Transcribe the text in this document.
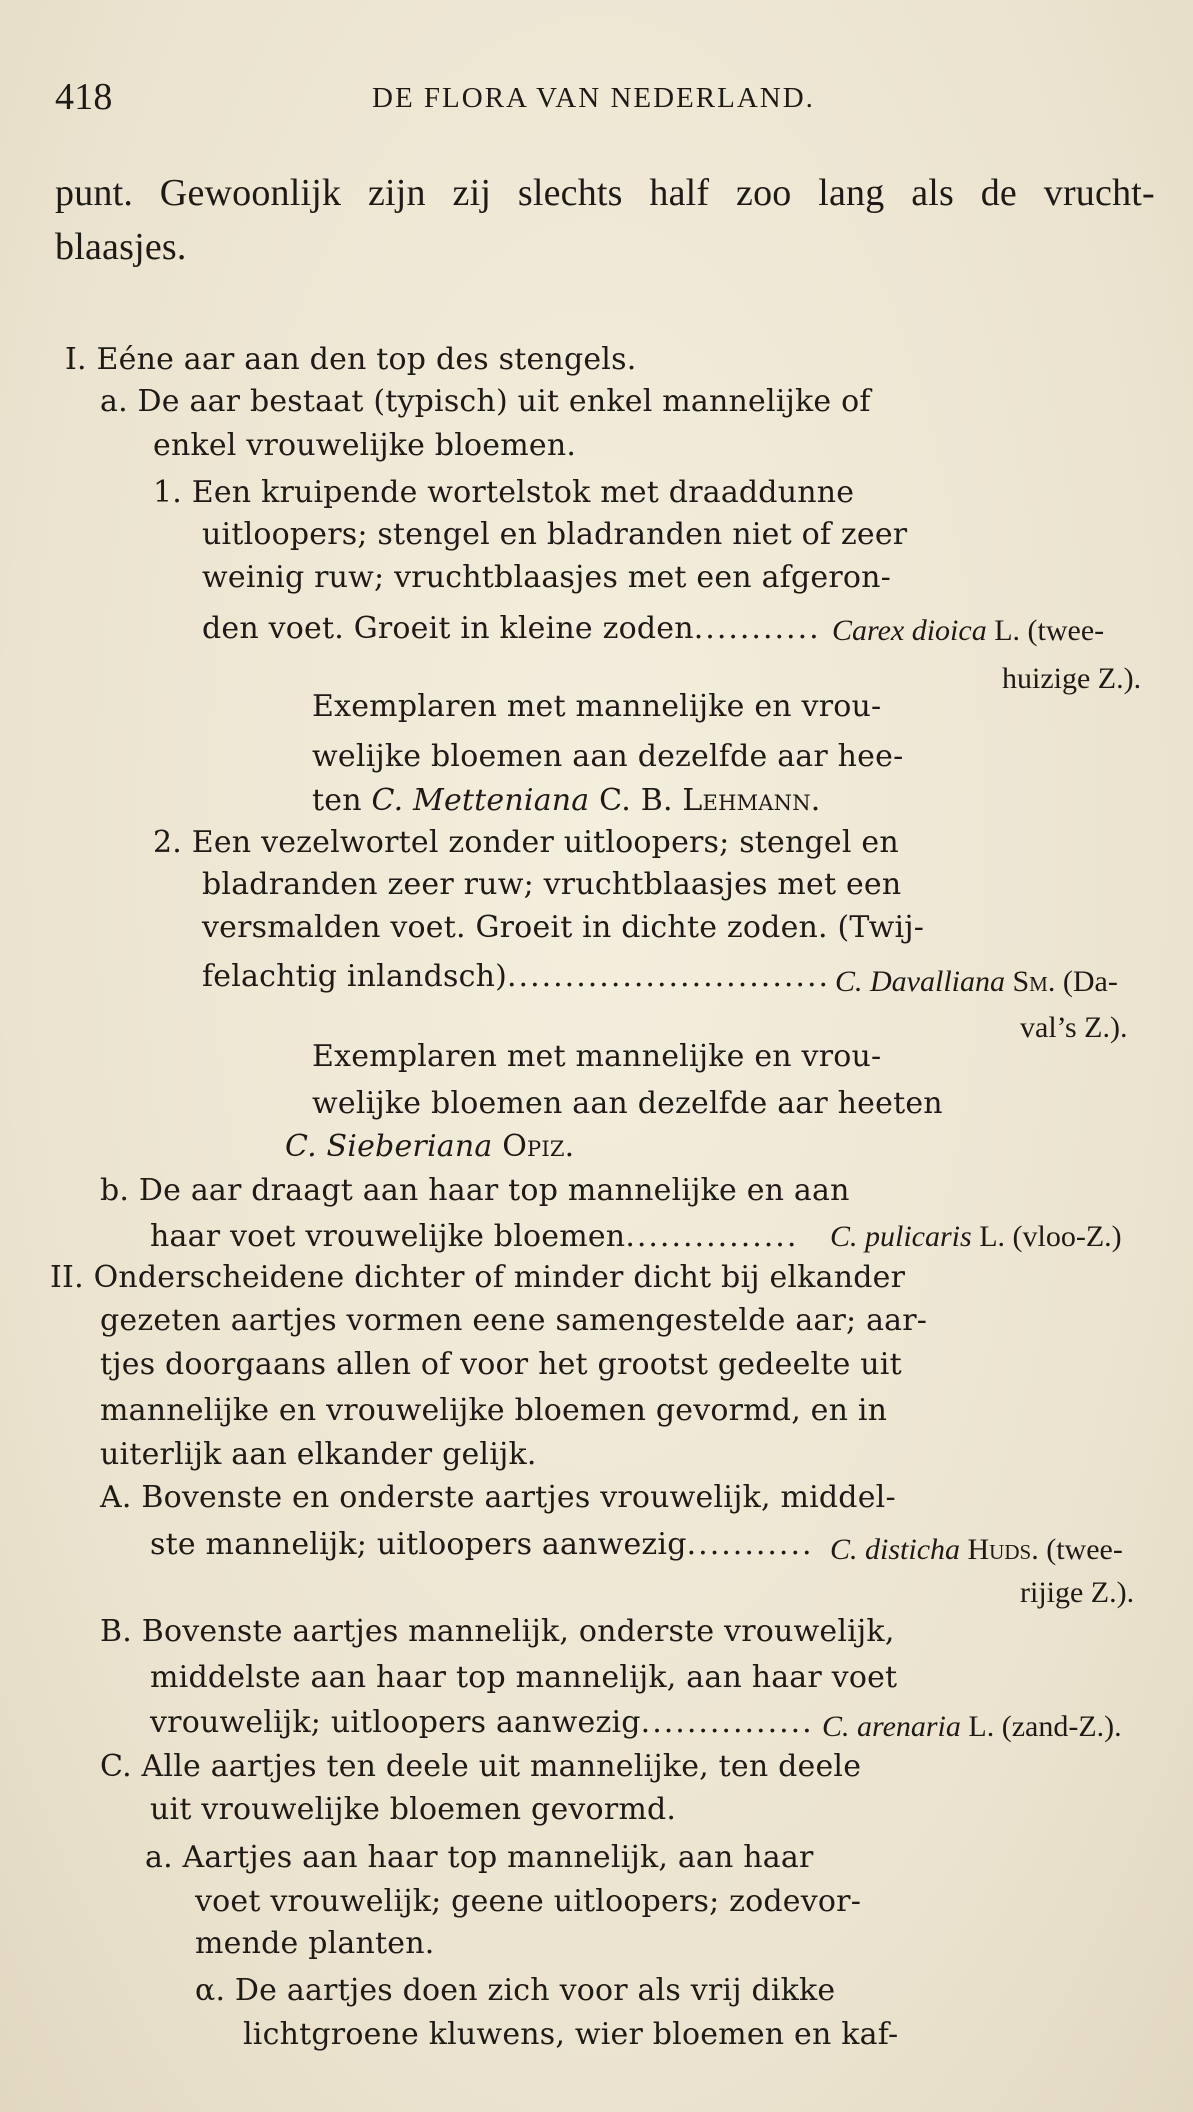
418	DE FLORA VAN NEDERLAND.
punt. Gewoonlijk zijn zij slechts half zoo lang als de vrucht-
blaasjes.
I. Eéne aar aan den top des stengels.
a. De aar bestaat (typisch) uit enkel mannelijke of
enkel vrouwelijke bloemen.
1. Een kruipende wortelstok met draaddunne
uitloopers; stengel en bladranden niet of zeer
weinig ruw; vruchtblaasjes met een afgeron-
den voet. Groeit in kleine zoden........... Carex dioica L. (twee-
huizige Z.).
Exemplaren met mannelijke en vrou-
welijke bloemen aan dezelfde aar hee-
ten C. Metteniana C. B. Lehmann.
2. Een vezelwortel zonder uitloopers; stengel en
bladranden zeer ruw; vruchtblaasjes met een
versmalden voet. Groeit in dichte zoden. (Twij-
felachtig inlandsch)............................ C. Davalliana Sm. (Da-
val’s Z.).
Exemplaren met mannelijke en vrou-
welijke bloemen aan dezelfde aar heeten
C. Sieberiana Opiz.
b. De aar draagt aan haar top mannelijke en aan
haar voet vrouwelijke bloemen............... C. pulicaris L. (vloo-Z.)
II. Onderscheidene dichter of minder dicht bij elkander
gezeten aartjes vormen eene samengestelde aar; aar-
tjes doorgaans allen of voor het grootst gedeelte uit
mannelijke en vrouwelijke bloemen gevormd, en in
uiterlijk aan elkander gelijk.
A. Bovenste en onderste aartjes vrouwelijk, middel-
ste mannelijk; uitloopers aanwezig........... C. disticha Huds. (twee-
rijige Z.).
B. Bovenste aartjes mannelijk, onderste vrouwelijk,
middelste aan haar top mannelijk, aan haar voet
vrouwelijk; uitloopers aanwezig............... C. arenaria L. (zand-Z.).
C. Alle aartjes ten deele uit mannelijke, ten deele
uit vrouwelijke bloemen gevormd.
a. Aartjes aan haar top mannelijk, aan haar
voet vrouwelijk; geene uitloopers; zodevor-
mende planten.
α. De aartjes doen zich voor als vrij dikke
lichtgroene kluwens, wier bloemen en kaf-
